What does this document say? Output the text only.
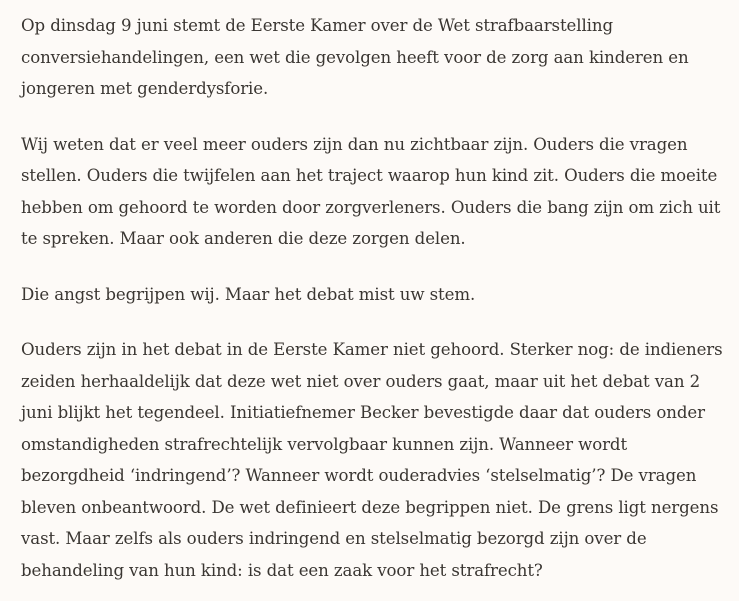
Op dinsdag 9 juni stemt de Eerste Kamer over de Wet strafbaarstelling conversiehandelingen, een wet die gevolgen heeft voor de zorg aan kinderen en jongeren met genderdysforie.

Wij weten dat er veel meer ouders zijn dan nu zichtbaar zijn. Ouders die vragen stellen. Ouders die twijfelen aan het traject waarop hun kind zit. Ouders die moeite hebben om gehoord te worden door zorgverleners. Ouders die bang zijn om zich uit te spreken. Maar ook anderen die deze zorgen delen.

Die angst begrijpen wij. Maar het debat mist uw stem.

Ouders zijn in het debat in de Eerste Kamer niet gehoord. Sterker nog: de indieners zeiden herhaaldelijk dat deze wet niet over ouders gaat, maar uit het debat van 2 juni blijkt het tegendeel. Initiatiefnemer Becker bevestigde daar dat ouders onder omstandigheden strafrechtelijk vervolgbaar kunnen zijn. Wanneer wordt bezorgdheid ‘indringend’? Wanneer wordt ouderadvies ‘stelselmatig’? De vragen bleven onbeantwoord. De wet definieert deze begrippen niet. De grens ligt nergens vast. Maar zelfs als ouders indringend en stelselmatig bezorgd zijn over de behandeling van hun kind: is dat een zaak voor het strafrecht?
